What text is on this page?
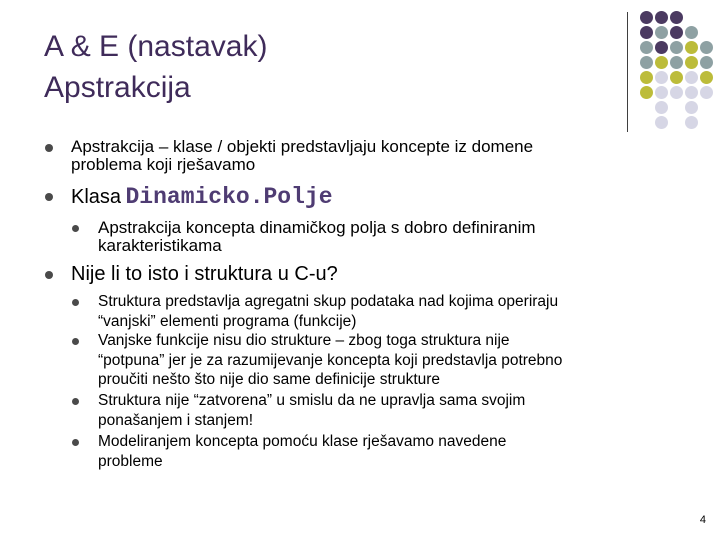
A & E (nastavak)
Apstrakcija
Apstrakcija – klase / objekti predstavljaju koncepte iz domene
problema koji rješavamo
Klasa Dinamicko.Polje
Apstrakcija koncepta dinamičkog polja s dobro definiranim
karakteristikama
Nije li to isto i struktura u C-u?
Struktura predstavlja agregatni skup podataka nad kojima operiraju
“vanjski” elementi programa (funkcije)
Vanjske funkcije nisu dio strukture – zbog toga struktura nije
“potpuna” jer je za razumijevanje koncepta koji predstavlja potrebno
proučiti nešto što nije dio same definicije strukture
Struktura nije “zatvorena” u smislu da ne upravlja sama svojim
ponašanjem i stanjem!
Modeliranjem koncepta pomoću klase rješavamo navedene
probleme
4
